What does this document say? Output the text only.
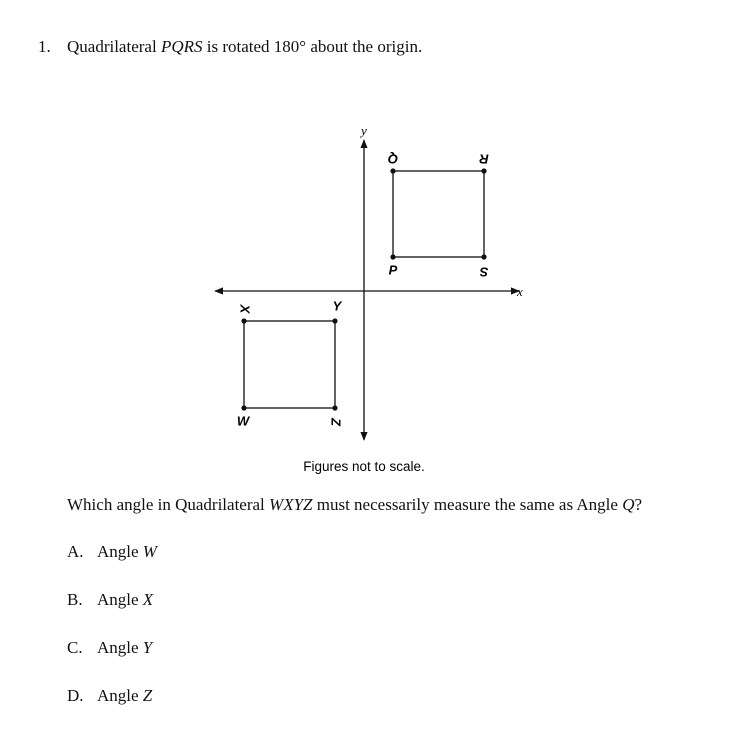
1. Quadrilateral PQRS is rotated 180° about the origin.
x
y
Q	R
P	S
X	Y
W	Z
Figures not to scale.
Which angle in Quadrilateral WXYZ must necessarily measure the same as Angle Q?
A. Angle W
B. Angle X
C. Angle Y
D. Angle Z
